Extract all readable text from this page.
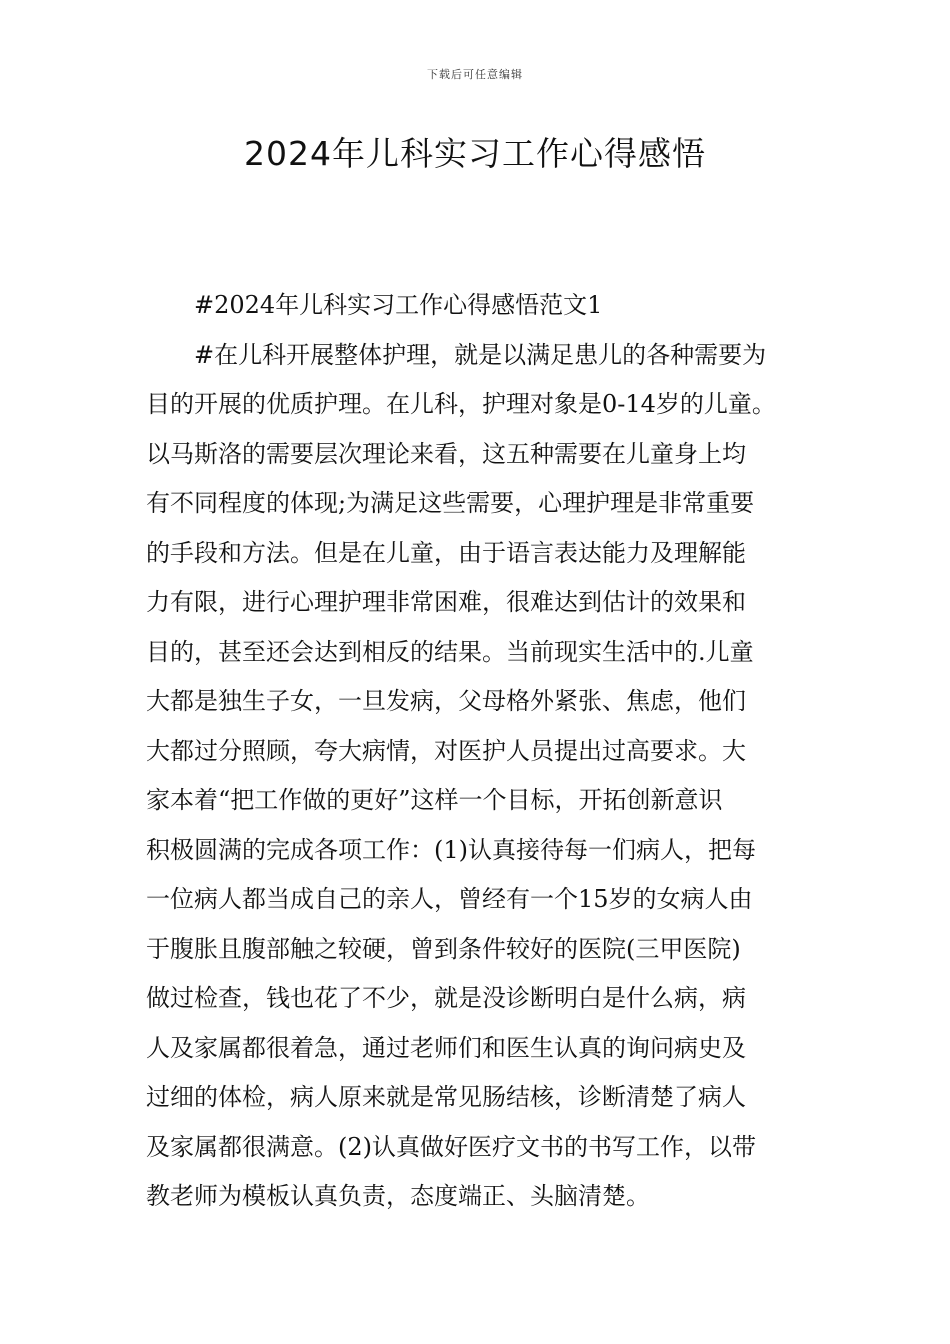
下载后可任意编辑
2024年儿科实习工作心得感悟
#2024年儿科实习工作心得感悟范文1
#在儿科开展整体护理，就是以满足患儿的各种需要为
目的开展的优质护理。在儿科，护理对象是0-14岁的儿童。
以马斯洛的需要层次理论来看，这五种需要在儿童身上均
有不同程度的体现;为满足这些需要，心理护理是非常重要
的手段和方法。但是在儿童，由于语言表达能力及理解能
力有限，进行心理护理非常困难，很难达到估计的效果和
目的，甚至还会达到相反的结果。当前现实生活中的.儿童
大都是独生子女，一旦发病，父母格外紧张、焦虑，他们
大都过分照顾，夸大病情，对医护人员提出过高要求。大
家本着“把工作做的更好”这样一个目标，开拓创新意识
积极圆满的完成各项工作：(1)认真接待每一们病人，把每
一位病人都当成自己的亲人，曾经有一个15岁的女病人由
于腹胀且腹部触之较硬，曾到条件较好的医院(三甲医院)
做过检查，钱也花了不少，就是没诊断明白是什么病，病
人及家属都很着急，通过老师们和医生认真的询问病史及
过细的体检，病人原来就是常见肠结核，诊断清楚了病人
及家属都很满意。(2)认真做好医疗文书的书写工作，以带
教老师为模板认真负责，态度端正、头脑清楚。
